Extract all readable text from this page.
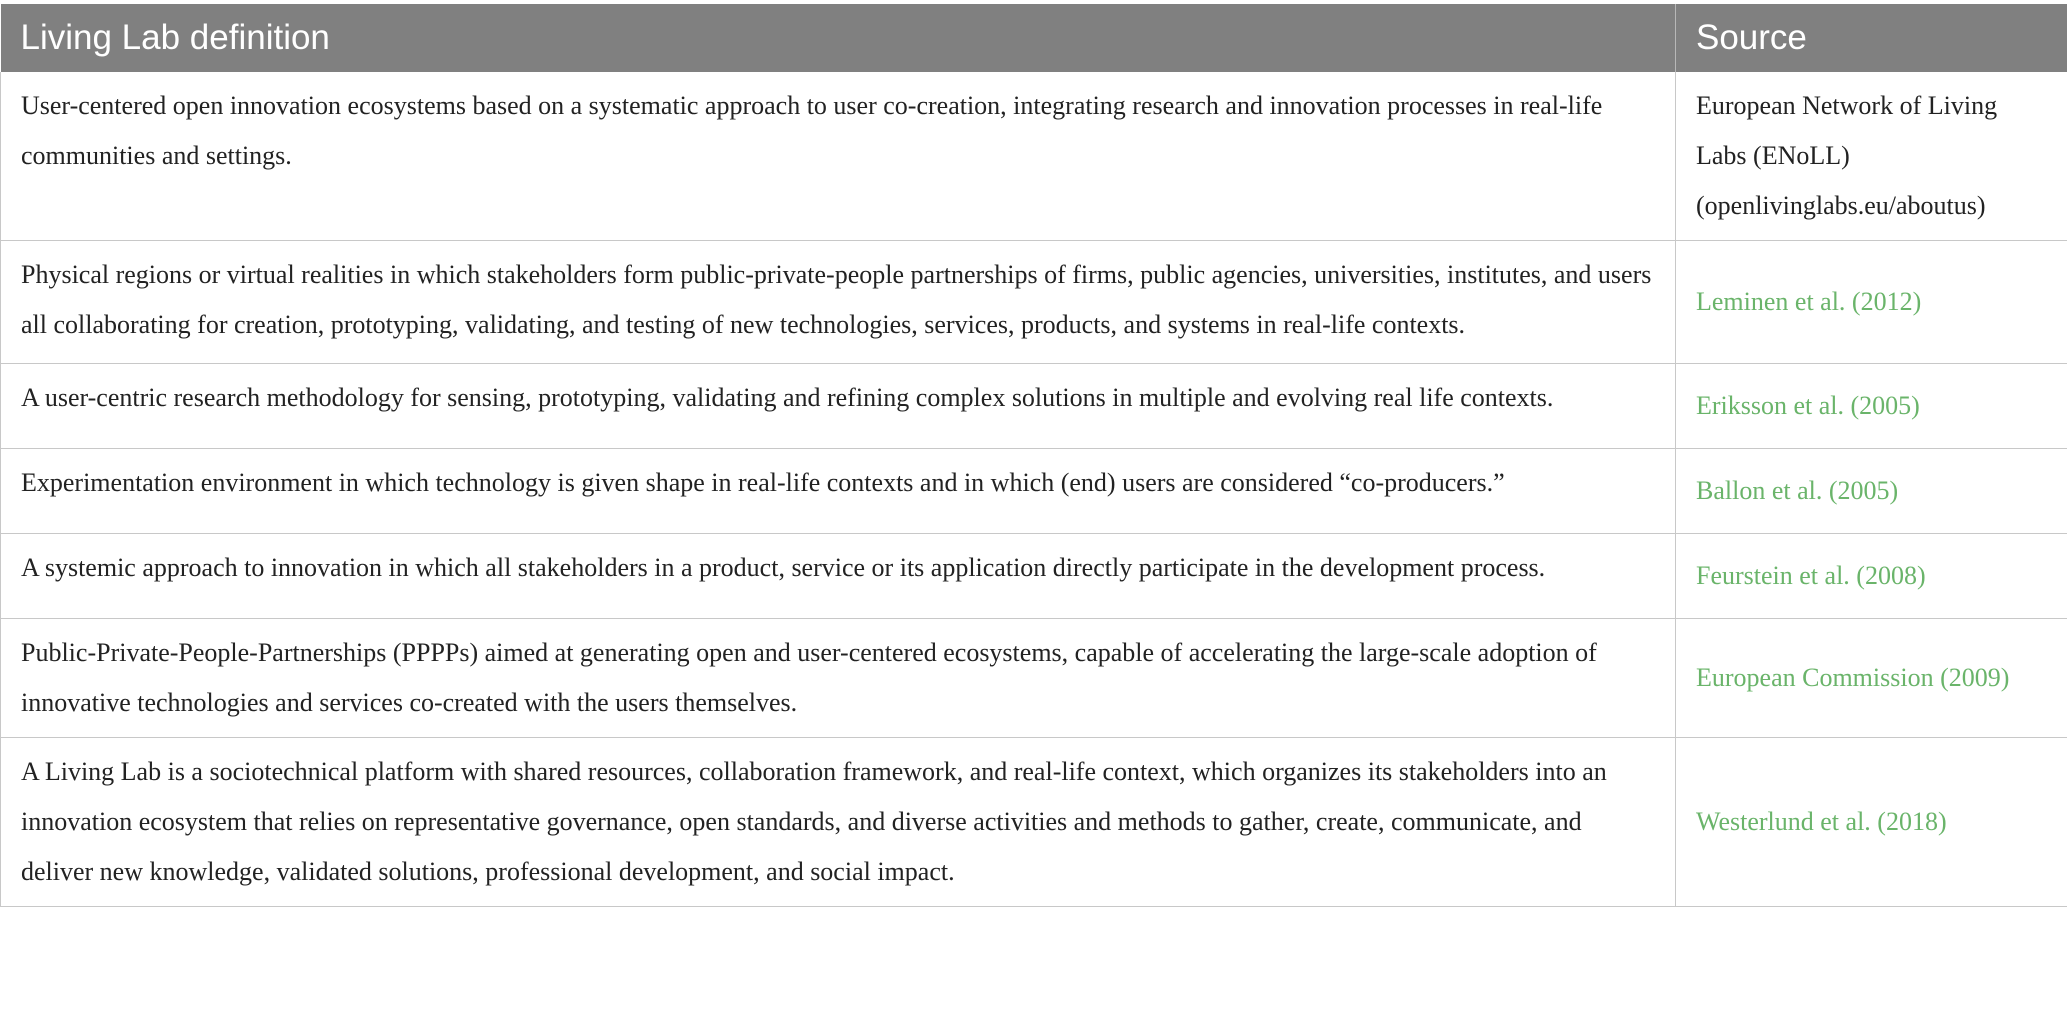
Living Lab definition	Source
User-centered open innovation ecosystems based on a systematic approach to user co-creation, integrating research and innovation processes in real-life communities and settings.	European Network of Living Labs (ENoLL) (openlivinglabs.eu/aboutus)
Physical regions or virtual realities in which stakeholders form public-private-people partnerships of firms, public agencies, universities, institutes, and users all collaborating for creation, prototyping, validating, and testing of new technologies, services, products, and systems in real-life contexts.	Leminen et al. (2012)
A user-centric research methodology for sensing, prototyping, validating and refining complex solutions in multiple and evolving real life contexts.	Eriksson et al. (2005)
Experimentation environment in which technology is given shape in real-life contexts and in which (end) users are considered “co-producers.”	Ballon et al. (2005)
A systemic approach to innovation in which all stakeholders in a product, service or its application directly participate in the development process.	Feurstein et al. (2008)
Public-Private-People-Partnerships (PPPPs) aimed at generating open and user-centered ecosystems, capable of accelerating the large-scale adoption of innovative technologies and services co-created with the users themselves.	European Commission (2009)
A Living Lab is a sociotechnical platform with shared resources, collaboration framework, and real-life context, which organizes its stakeholders into an innovation ecosystem that relies on representative governance, open standards, and diverse activities and methods to gather, create, communicate, and deliver new knowledge, validated solutions, professional development, and social impact.	Westerlund et al. (2018)
